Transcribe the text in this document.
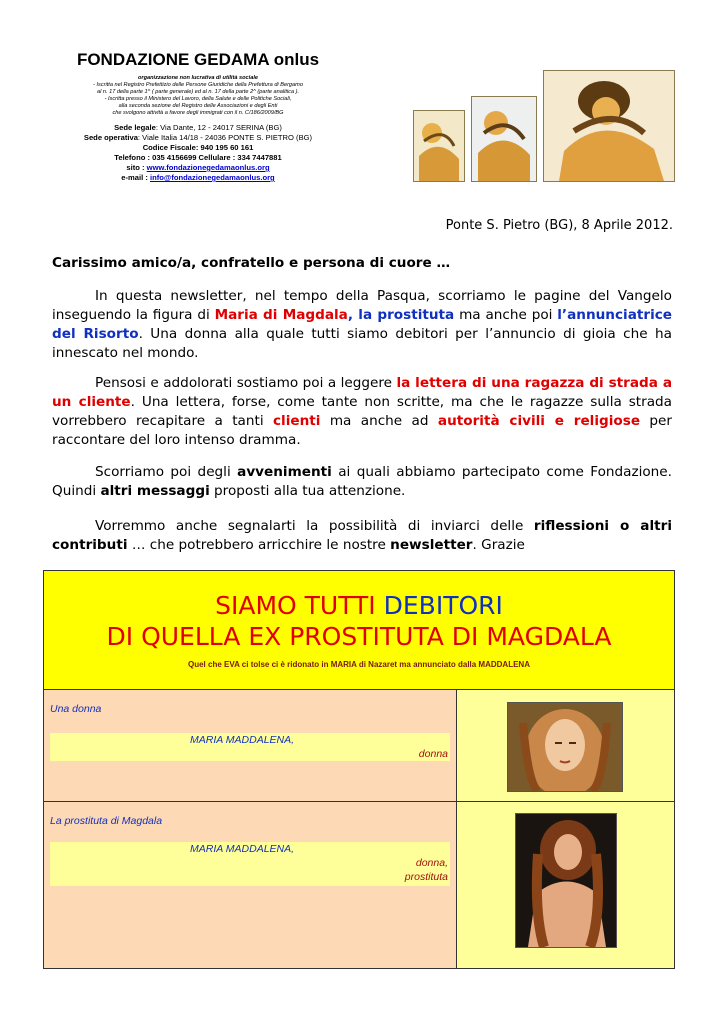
FONDAZIONE GEDAMA onlus
organizzazione non lucrativa di utilità sociale
- Iscritta nel Registro Prefettizio delle Persone Giuridiche della Prefettura di Bergamo
al n. 17 della parte 1^ ( parte generale) ed al n. 17 della parte 2^ (parte analitica ).
- Iscritta presso il Ministero del Lavoro, della Salute e delle Politiche Sociali,
alla seconda sezione del Registro delle Associazioni e degli Enti
che svolgono attività a favore degli immigrati con il n. C/186/2009/BG
Sede legale: Via Dante, 12 - 24017 SERINA (BG)
Sede operativa: Viale Italia 14/18 - 24036 PONTE S. PIETRO (BG)
Codice Fiscale: 940 195 60 161
Telefono : 035 4156699 Cellulare : 334 7447881
sito : www.fondazionegedamaonlus.org
e-mail : info@fondazionegedamaonlus.org
Ponte S. Pietro (BG), 8 Aprile 2012.
Carissimo amico/a, confratello e persona di cuore …
In questa newsletter, nel tempo della Pasqua, scorriamo le pagine del Vangelo inseguendo la figura di Maria di Magdala, la prostituta ma anche poi l’annunciatrice del Risorto. Una donna alla quale tutti siamo debitori per l’annuncio di gioia che ha innescato nel mondo.
Pensosi e addolorati sostiamo poi a leggere la lettera di una ragazza di strada a un cliente. Una lettera, forse, come tante non scritte, ma che le ragazze sulla strada vorrebbero recapitare a tanti clienti ma anche ad autorità civili e religiose per raccontare del loro intenso dramma.
Scorriamo poi degli avvenimenti ai quali abbiamo partecipato come Fondazione. Quindi altri messaggi proposti alla tua attenzione.
Vorremmo anche segnalarti la possibilità di inviarci delle riflessioni o altri contributi … che potrebbero arricchire le nostre newsletter. Grazie
SIAMO TUTTI DEBITORI
DI QUELLA EX PROSTITUTA DI MAGDALA
Quel che EVA ci tolse ci è ridonato in MARIA di Nazaret ma annunciato dalla MADDALENA
Una donna
MARIA MADDALENA,
donna
La prostituta di Magdala
MARIA MADDALENA,
donna,
prostituta
